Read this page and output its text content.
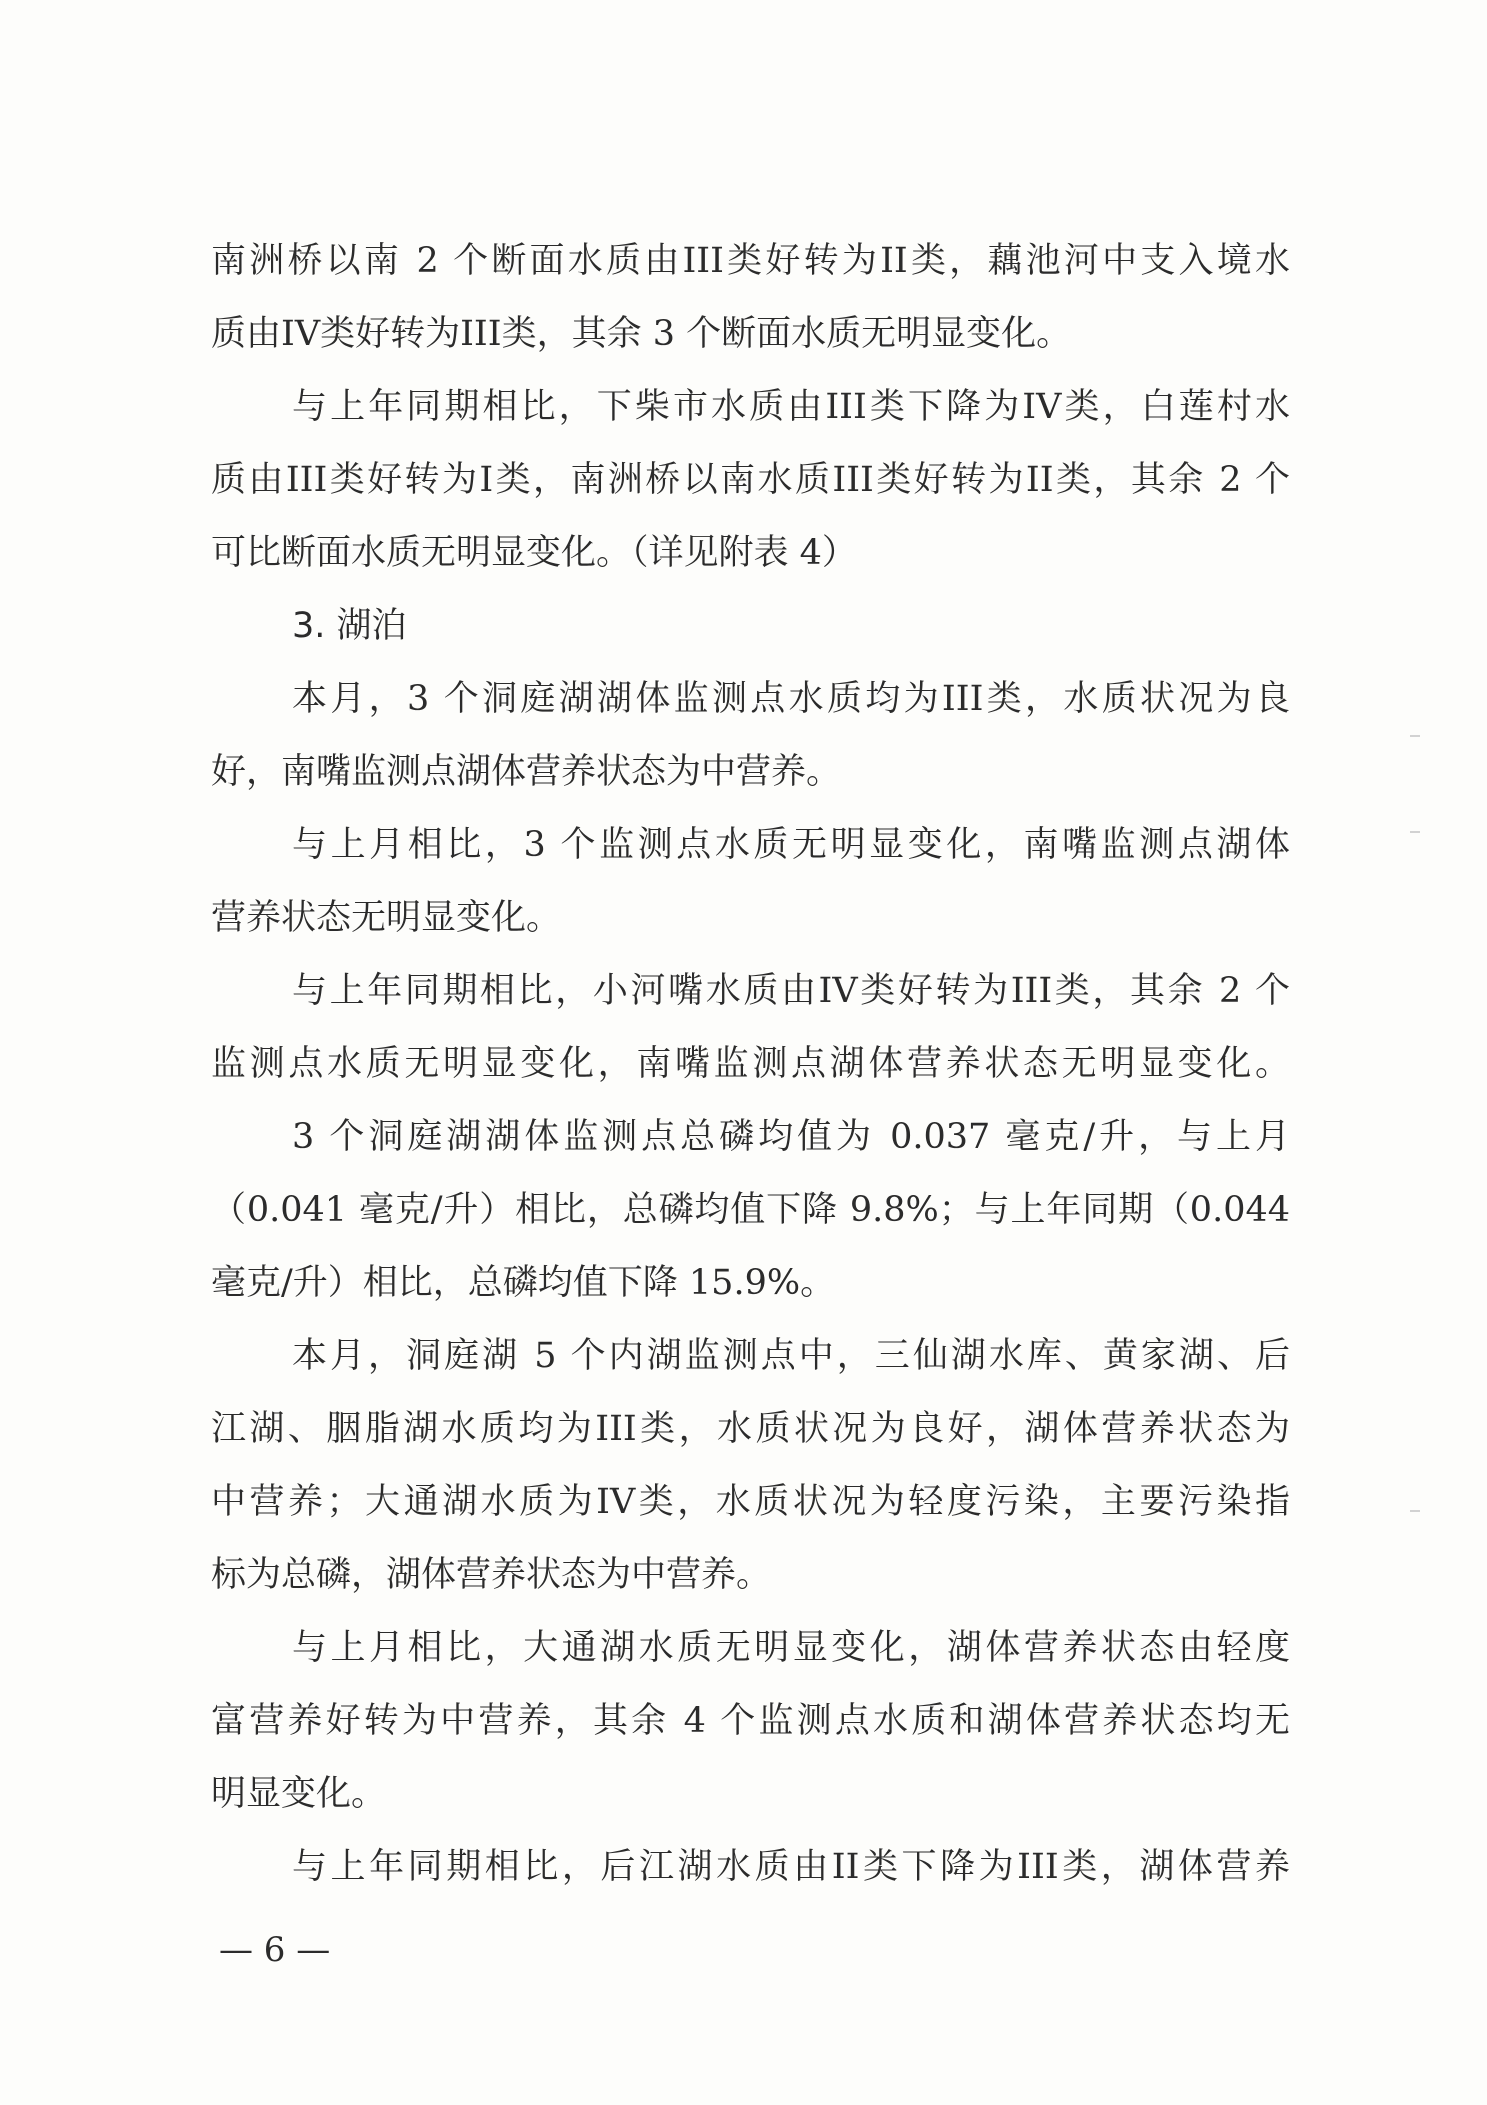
南洲桥以南 2 个断面水质由III类好转为II类，藕池河中支入境水
质由IV类好转为III类，其余 3 个断面水质无明显变化。
与上年同期相比，下柴市水质由III类下降为IV类，白莲村水
质由III类好转为I类，南洲桥以南水质III类好转为II类，其余 2 个
可比断面水质无明显变化。（详见附表 4）
3. 湖泊
本月，3 个洞庭湖湖体监测点水质均为III类，水质状况为良
好，南嘴监测点湖体营养状态为中营养。
与上月相比，3 个监测点水质无明显变化，南嘴监测点湖体
营养状态无明显变化。
与上年同期相比，小河嘴水质由IV类好转为III类，其余 2 个
监测点水质无明显变化，南嘴监测点湖体营养状态无明显变化。
3 个洞庭湖湖体监测点总磷均值为 0.037 毫克/升，与上月
（0.041 毫克/升）相比，总磷均值下降 9.8%；与上年同期（0.044
毫克/升）相比，总磷均值下降 15.9%。
本月，洞庭湖 5 个内湖监测点中，三仙湖水库、黄家湖、后
江湖、胭脂湖水质均为III类，水质状况为良好，湖体营养状态为
中营养；大通湖水质为IV类，水质状况为轻度污染，主要污染指
标为总磷，湖体营养状态为中营养。
与上月相比，大通湖水质无明显变化，湖体营养状态由轻度
富营养好转为中营养，其余 4 个监测点水质和湖体营养状态均无
明显变化。
与上年同期相比，后江湖水质由II类下降为III类，湖体营养
— 6 —
